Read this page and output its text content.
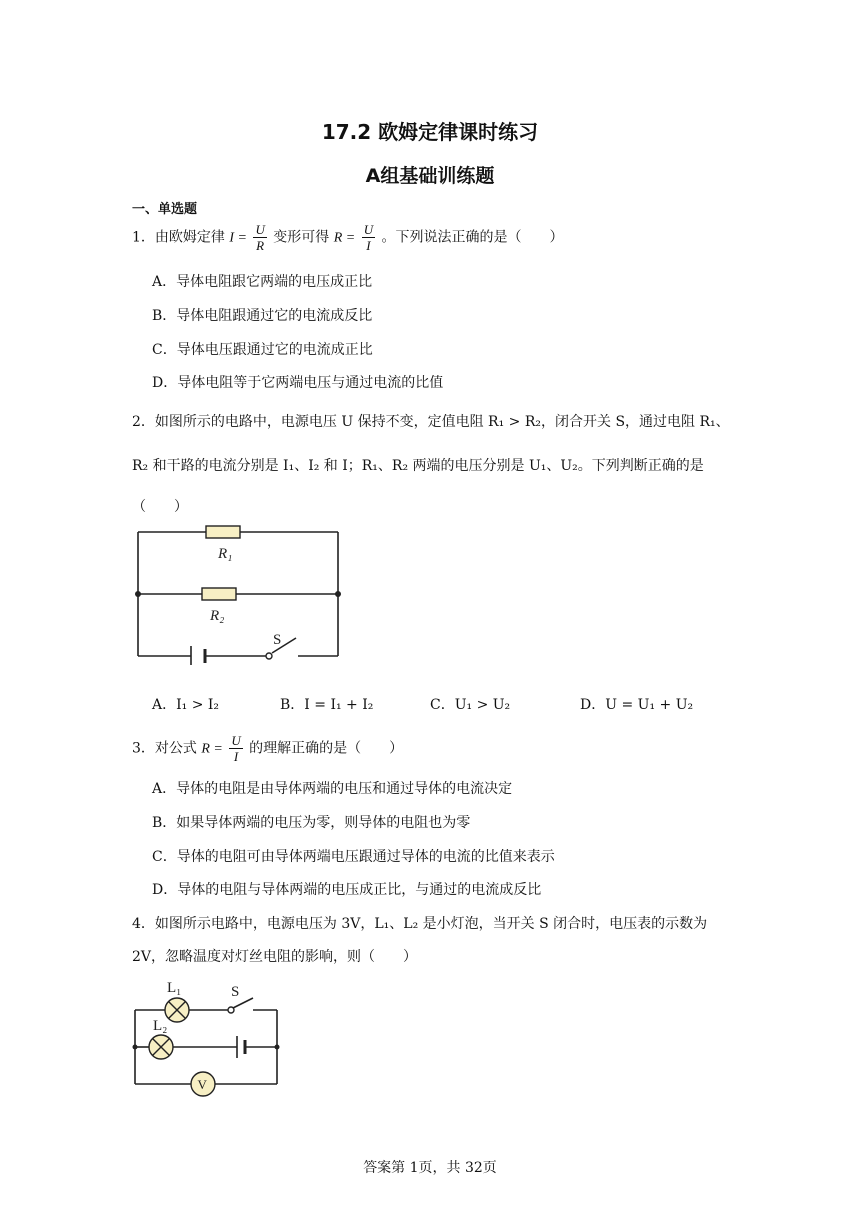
17.2 欧姆定律课时练习
A组基础训练题
一、单选题
1．由欧姆定律 $I = \frac{U}{R}$ 变形可得 $R = \frac{U}{I}$ 。下列说法正确的是（　　）
A．导体电阻跟它两端的电压成正比
B．导体电阻跟通过它的电流成反比
C．导体电压跟通过它的电流成正比
D．导体电阻等于它两端电压与通过电流的比值
2．如图所示的电路中，电源电压 U 保持不变，定值电阻 R₁ > R₂，闭合开关 S，通过电阻 R₁、
R₂ 和干路的电流分别是 I₁、I₂ 和 I；R₁、R₂ 两端的电压分别是 U₁、U₂。下列判断正确的是
（　　）
R₁
R₂
S
A．I₁ > I₂	B．I = I₁ + I₂	C．U₁ > U₂	D．U = U₁ + U₂
3．对公式 $R = \frac{U}{I}$ 的理解正确的是（　　）
A．导体的电阻是由导体两端的电压和通过导体的电流决定
B．如果导体两端的电压为零，则导体的电阻也为零
C．导体的电阻可由导体两端电压跟通过导体的电流的比值来表示
D．导体的电阻与导体两端的电压成正比，与通过的电流成反比
4．如图所示电路中，电源电压为 3V，L₁、L₂ 是小灯泡，当开关 S 闭合时，电压表的示数为
2V，忽略温度对灯丝电阻的影响，则（　　）
L₁
L₂
S
V
答案第 1页，共 32页
